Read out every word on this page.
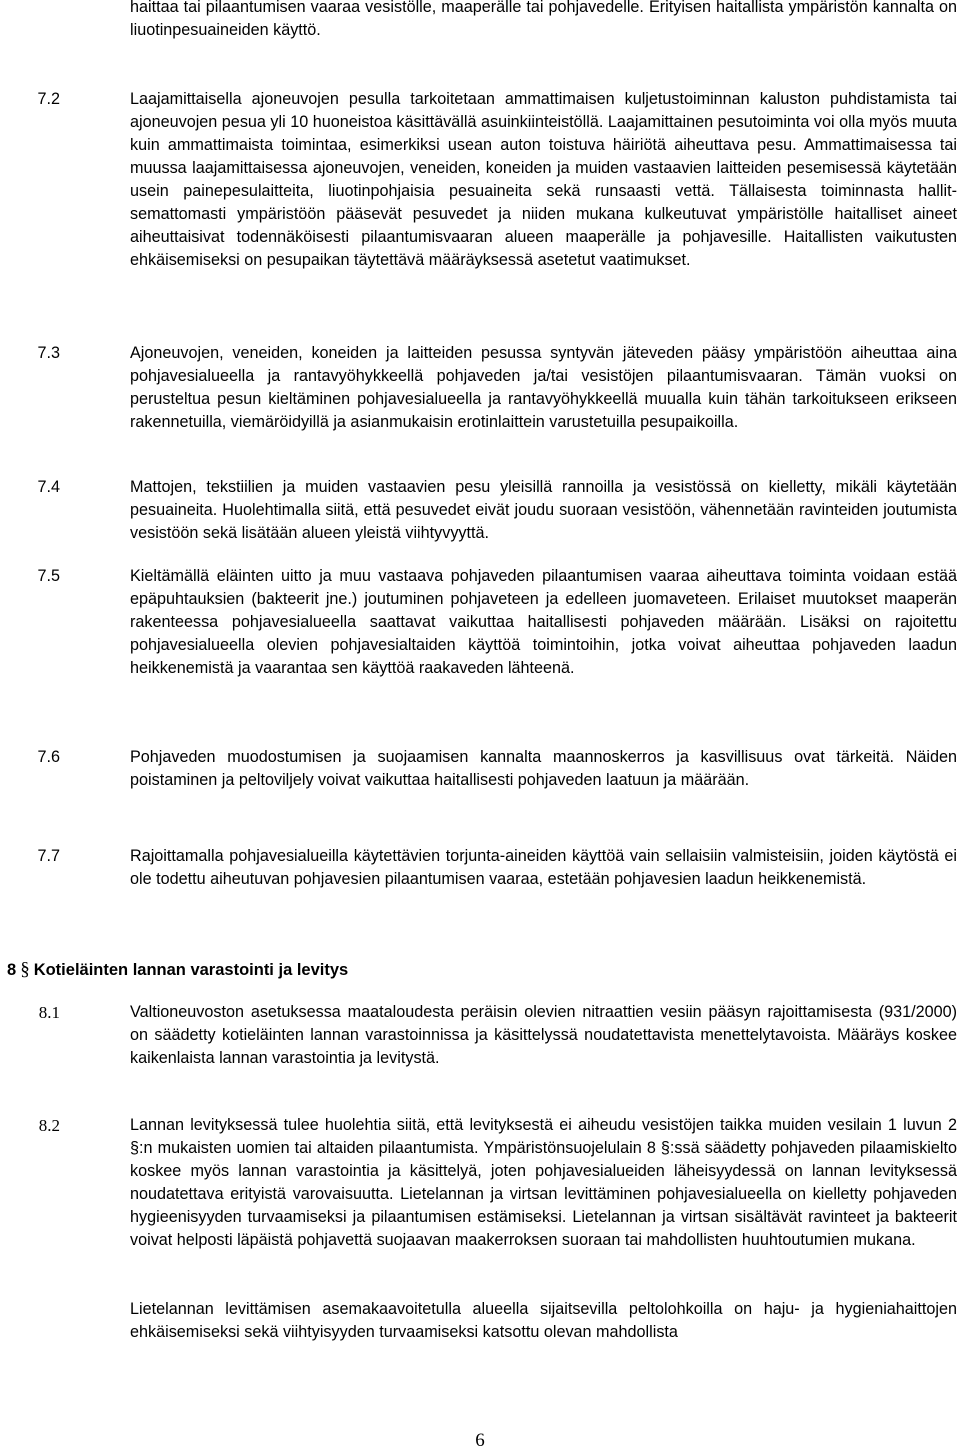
haittaa tai pilaantumisen vaaraa vesistölle, maaperälle tai pohjavedelle. Erityisen haitallista ympäristön kannalta on liuotinpesuaineiden käyttö.

7.2	Laajamittaisella ajoneuvojen pesulla tarkoitetaan ammattimaisen kuljetustoiminnan kaluston puhdistamista tai ajoneuvojen pesua yli 10 huoneistoa käsittävällä asuinkiinteistöllä. Laajamittainen pesutoiminta voi olla myös muuta kuin ammattimaista toimintaa, esimerkiksi usean auton toistuva häiriötä aiheuttava pesu. Ammattimaisessa tai muussa laajamittaisessa ajoneuvojen, veneiden, koneiden ja muiden vastaavien laitteiden pesemisessä käytetään usein painepesulaitteita, liuotinpohjaisia pesuaineita sekä runsaasti vettä. Tällaisesta toiminnasta hallitsemattomasti ympäristöön pääsevät pesuvedet ja niiden mukana kulkeutuvat ympäristölle haitalliset aineet aiheuttaisivat todennäköisesti pilaantumisvaaran alueen maaperälle ja pohjavesille. Haitallisten vaikutusten ehkäisemiseksi on pesupaikan täytettävä määräyksessä asetetut vaatimukset.

7.3	Ajoneuvojen, veneiden, koneiden ja laitteiden pesussa syntyvän jäteveden pääsy ympäristöön aiheuttaa aina pohjavesialueella ja rantavyöhykkeellä pohjaveden ja/tai vesistöjen pilaantumisvaaran. Tämän vuoksi on perusteltua pesun kieltäminen pohjavesialueella ja rantavyöhykkeellä muualla kuin tähän tarkoitukseen erikseen rakennetuilla, viemäröidyillä ja asianmukaisin erotinlaittein varustetuilla pesupaikoilla.

7.4	Mattojen, tekstiilien ja muiden vastaavien pesu yleisillä rannoilla ja vesistössä on kielletty, mikäli käytetään pesuaineita. Huolehtimalla siitä, että pesuvedet eivät joudu suoraan vesistöön, vähennetään ravinteiden joutumista vesistöön sekä lisätään alueen yleistä viihtyvyyttä.

7.5	Kieltämällä eläinten uitto ja muu vastaava pohjaveden pilaantumisen vaaraa aiheuttava toiminta voidaan estää epäpuhtauksien (bakteerit jne.) joutuminen pohjaveteen ja edelleen juomaveteen. Erilaiset muutokset maaperän rakenteessa pohjavesialueella saattavat vaikuttaa haitallisesti pohjaveden määrään. Lisäksi on rajoitettu pohjavesialueella olevien pohjavesialtaiden käyttöä toimintoihin, jotka voivat aiheuttaa pohjaveden laadun heikkenemistä ja vaarantaa sen käyttöä raakaveden lähteenä.

7.6	Pohjaveden muodostumisen ja suojaamisen kannalta maannoskerros ja kasvillisuus ovat tärkeitä. Näiden poistaminen ja peltoviljely voivat vaikuttaa haitallisesti pohjaveden laatuun ja määrään.

7.7	Rajoittamalla pohjavesialueilla käytettävien torjunta-aineiden käyttöä vain sellaisiin valmisteisiin, joiden käytöstä ei ole todettu aiheutuvan pohjavesien pilaantumisen vaaraa, estetään pohjavesien laadun heikkenemistä.

8 § Kotieläinten lannan varastointi ja levitys

8.1	Valtioneuvoston asetuksessa maataloudesta peräisin olevien nitraattien vesiin pääsyn rajoittamisesta (931/2000) on säädetty kotieläinten lannan varastoinnissa ja käsittelyssä noudatettavista menettelytavoista. Määräys koskee kaikenlaista lannan varastointia ja levitystä.

8.2	Lannan levityksessä tulee huolehtia siitä, että levityksestä ei aiheudu vesistöjen taikka muiden vesilain 1 luvun 2 §:n mukaisten uomien tai altaiden pilaantumista. Ympäristönsuojelulain 8 §:ssä säädetty pohjaveden pilaamiskielto koskee myös lannan varastointia ja käsittelyä, joten pohjavesialueiden läheisyydessä on lannan levityksessä noudatettava erityistä varovaisuutta. Lietelannan ja virtsan levittäminen pohjavesialueella on kielletty pohjaveden hygieenisyyden turvaamiseksi ja pilaantumisen estämiseksi. Lietelannan ja virtsan sisältävät ravinteet ja bakteerit voivat helposti läpäistä pohjavettä suojaavan maakerroksen suoraan tai mahdollisten huuhtoutumien mukana.

Lietelannan levittämisen asemakaavoitetulla alueella sijaitsevilla peltolohkoilla on haju- ja hygieniahaittojen ehkäisemiseksi sekä viihtyisyyden turvaamiseksi katsottu olevan mahdollista

6
